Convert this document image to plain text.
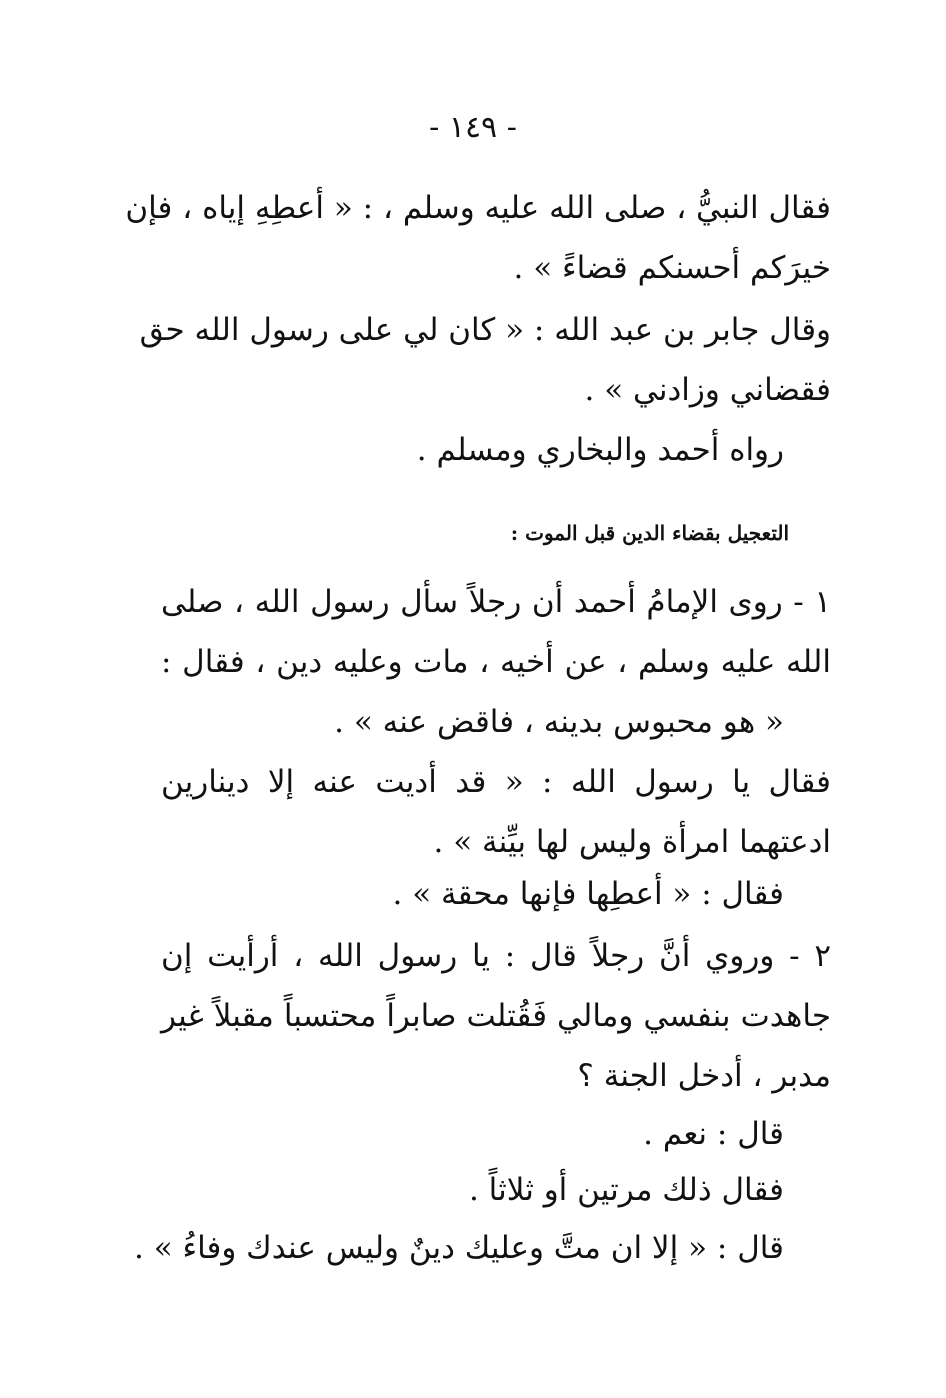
- ١٤٩ -
فقال النبيُّ ، صلى الله عليه وسلم ، : « أعطِهِ إياه ، فإن
خيرَكم أحسنكم قضاءً » .
وقال جابر بن عبد الله : « كان لي على رسول الله حق
فقضاني وزادني » .
رواه أحمد والبخاري ومسلم .
التعجيل بقضاء الدين قبل الموت :
١ - روى الإمامُ أحمد أن رجلاً سأل رسول الله ، صلى
الله عليه وسلم ، عن أخيه ، مات وعليه دين ، فقال :
« هو محبوس بدينه ، فاقض عنه » .
فقال يا رسول الله : « قد أديت عنه إلا دينارين
ادعتهما امرأة وليس لها بيِّنة » .
فقال : « أعطِها فإنها محقة » .
٢ - وروي أنَّ رجلاً قال : يا رسول الله ، أرأيت إن
جاهدت بنفسي ومالي فَقُتلت صابراً محتسباً مقبلاً غير
مدبر ، أدخل الجنة ؟
قال : نعم .
فقال ذلك مرتين أو ثلاثاً .
قال : « إلا ان متَّ وعليك دينٌ وليس عندك وفاءُ » .
